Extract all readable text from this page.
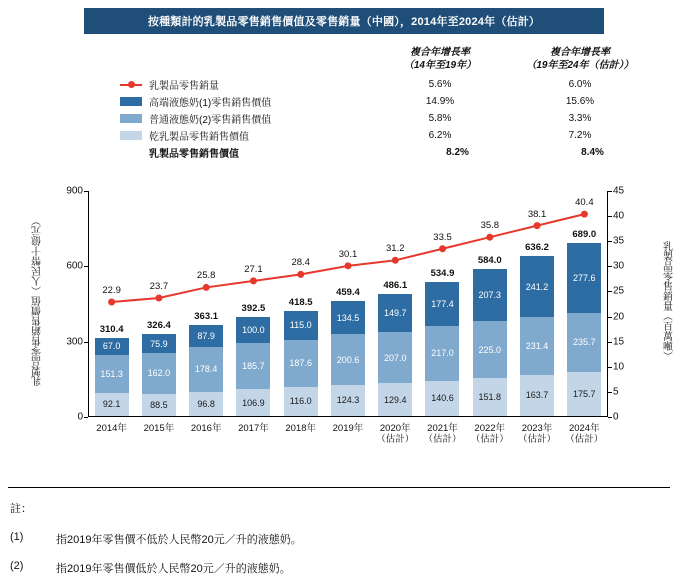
按種類計的乳製品零售銷售價值及零售銷量（中國），2014年至2024年（估計）
複合年增長率
（14年至19年）
複合年增長率
（19年至24年（估計））
乳製品零售銷量	5.6%	6.0%
高端液態奶(1)零售銷售價值	14.9%	15.6%
普通液態奶(2)零售銷售價值	5.8%	3.3%
乾乳製品零售銷售價值	6.2%	7.2%
乳製品零售銷售價值	8.2%	8.4%
乳製品零售銷售價值（人民幣十億元）	乳製品零售銷量（百萬噸）
0
300
600
900
0
5
10
15
20
25
30
35
40
45
67.0
151.3
92.1
310.4
75.9
162.0
88.5
326.4
87.9
178.4
96.8
363.1
100.0
185.7
106.9
392.5
115.0
187.6
116.0
418.5
134.5
200.6
124.3
459.4
149.7
207.0
129.4
486.1
177.4
217.0
140.6
534.9
207.3
225.0
151.8
584.0
241.2
231.4
163.7
636.2
277.6
235.7
175.7
689.0
22.9	23.7
25.8
27.1
28.4
30.1
31.2
33.5
35.8
38.1
40.4
2014年	2015年	2016年	2017年	2018年	2019年	2020年
（估計）
2021年
（估計）
2022年
（估計）
2023年
（估計）
2024年
（估計）
註：
(1)	指2019年零售價不低於人民幣20元／升的液態奶。
(2)	指2019年零售價低於人民幣20元／升的液態奶。
